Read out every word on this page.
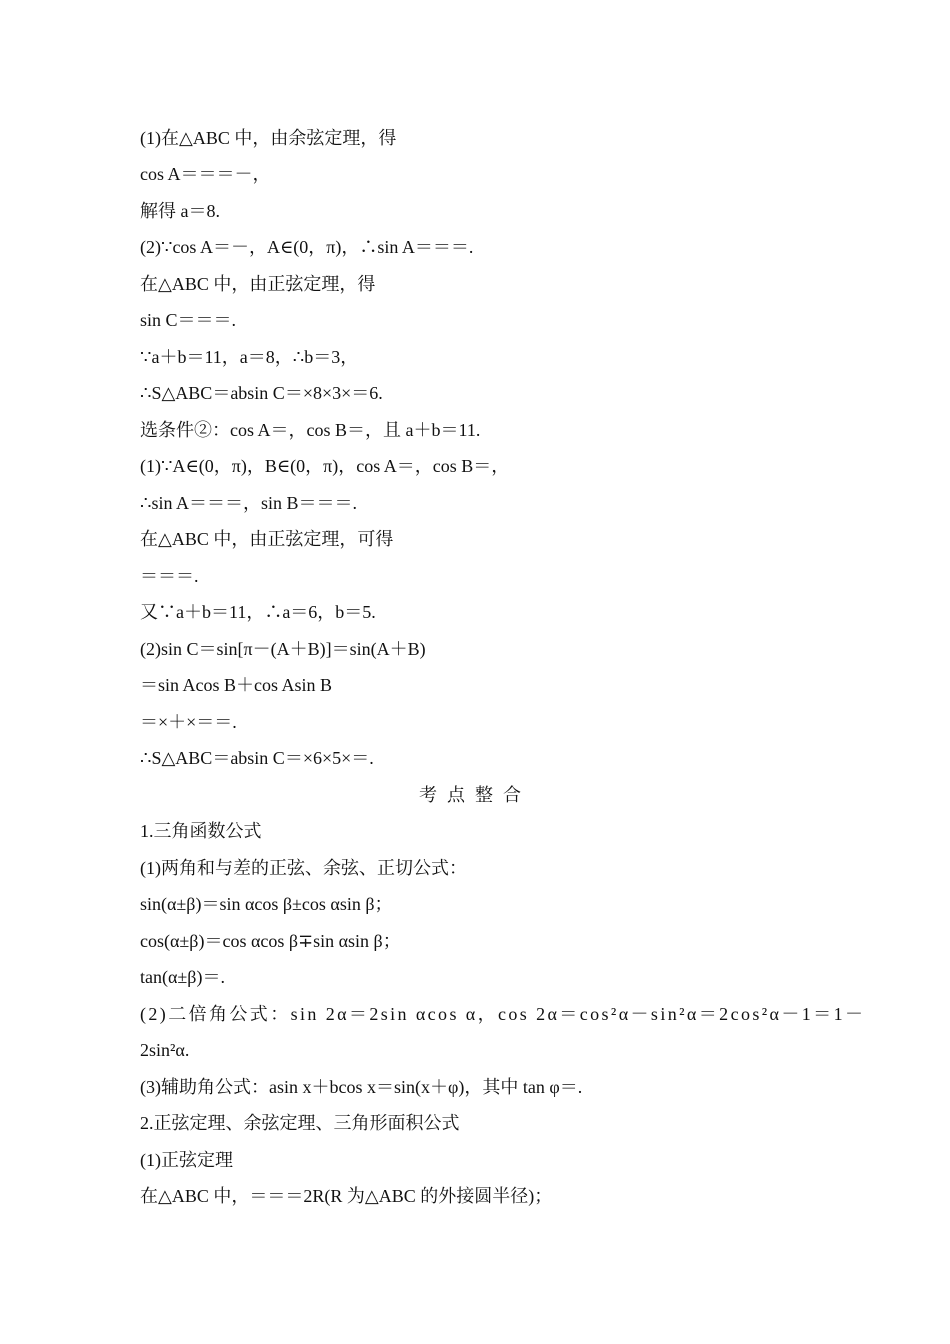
(1)在△ABC 中，由余弦定理，得
cos A＝＝＝－，
解得 a＝8.
(2)∵cos A＝－，A∈(0，π)，∴sin A＝＝＝.
在△ABC 中，由正弦定理，得
sin C＝＝＝.
∵a＋b＝11，a＝8，∴b＝3，
∴S△ABC＝absin C＝×8×3×＝6.
选条件②：cos A＝，cos B＝，且 a＋b＝11.
(1)∵A∈(0，π)，B∈(0，π)，cos A＝，cos B＝，
∴sin A＝＝＝，sin B＝＝＝.
在△ABC 中，由正弦定理，可得
＝＝＝.
又∵a＋b＝11，∴a＝6，b＝5.
(2)sin C＝sin[π－(A＋B)]＝sin(A＋B)
＝sin Acos B＋cos Asin B
＝×＋×＝＝.
∴S△ABC＝absin C＝×6×5×＝.
考点整合
1.三角函数公式
(1)两角和与差的正弦、余弦、正切公式：
sin(α±β)＝sin αcos β±cos αsin β；
cos(α±β)＝cos αcos β∓sin αsin β；
tan(α±β)＝.
(2)二倍角公式：sin 2α＝2sin αcos α，cos 2α＝cos²α－sin²α＝2cos²α－1＝1－
2sin²α.
(3)辅助角公式：asin x＋bcos x＝sin(x＋φ)，其中 tan φ＝.
2.正弦定理、余弦定理、三角形面积公式
(1)正弦定理
在△ABC 中，＝＝＝2R(R 为△ABC 的外接圆半径)；
